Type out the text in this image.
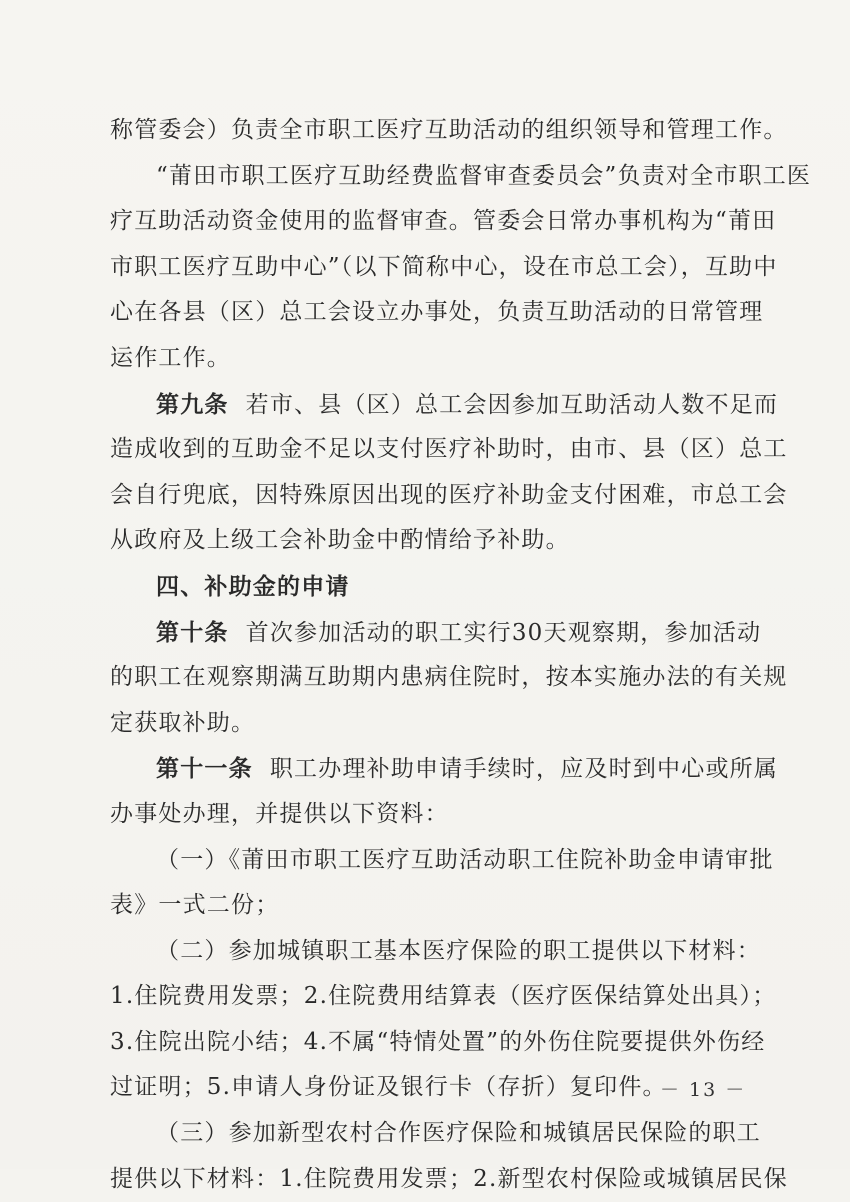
称管委会）负责全市职工医疗互助活动的组织领导和管理工作。
“莆田市职工医疗互助经费监督审查委员会”负责对全市职工医
疗互助活动资金使用的监督审查。管委会日常办事机构为“莆田
市职工医疗互助中心”（以下简称中心，设在市总工会），互助中
心在各县（区）总工会设立办事处，负责互助活动的日常管理
运作工作。
第九条 若市、县（区）总工会因参加互助活动人数不足而
造成收到的互助金不足以支付医疗补助时，由市、县（区）总工
会自行兜底，因特殊原因出现的医疗补助金支付困难，市总工会
从政府及上级工会补助金中酌情给予补助。
四、补助金的申请
第十条 首次参加活动的职工实行30天观察期，参加活动
的职工在观察期满互助期内患病住院时，按本实施办法的有关规
定获取补助。
第十一条 职工办理补助申请手续时，应及时到中心或所属
办事处办理，并提供以下资料：
（一）《莆田市职工医疗互助活动职工住院补助金申请审批
表》一式二份；
（二）参加城镇职工基本医疗保险的职工提供以下材料：
1.住院费用发票；2.住院费用结算表（医疗医保结算处出具）；
3.住院出院小结；4.不属“特情处置”的外伤住院要提供外伤经
过证明；5.申请人身份证及银行卡（存折）复印件。
（三）参加新型农村合作医疗保险和城镇居民保险的职工
提供以下材料：1.住院费用发票；2.新型农村保险或城镇居民保
－ 13 －
